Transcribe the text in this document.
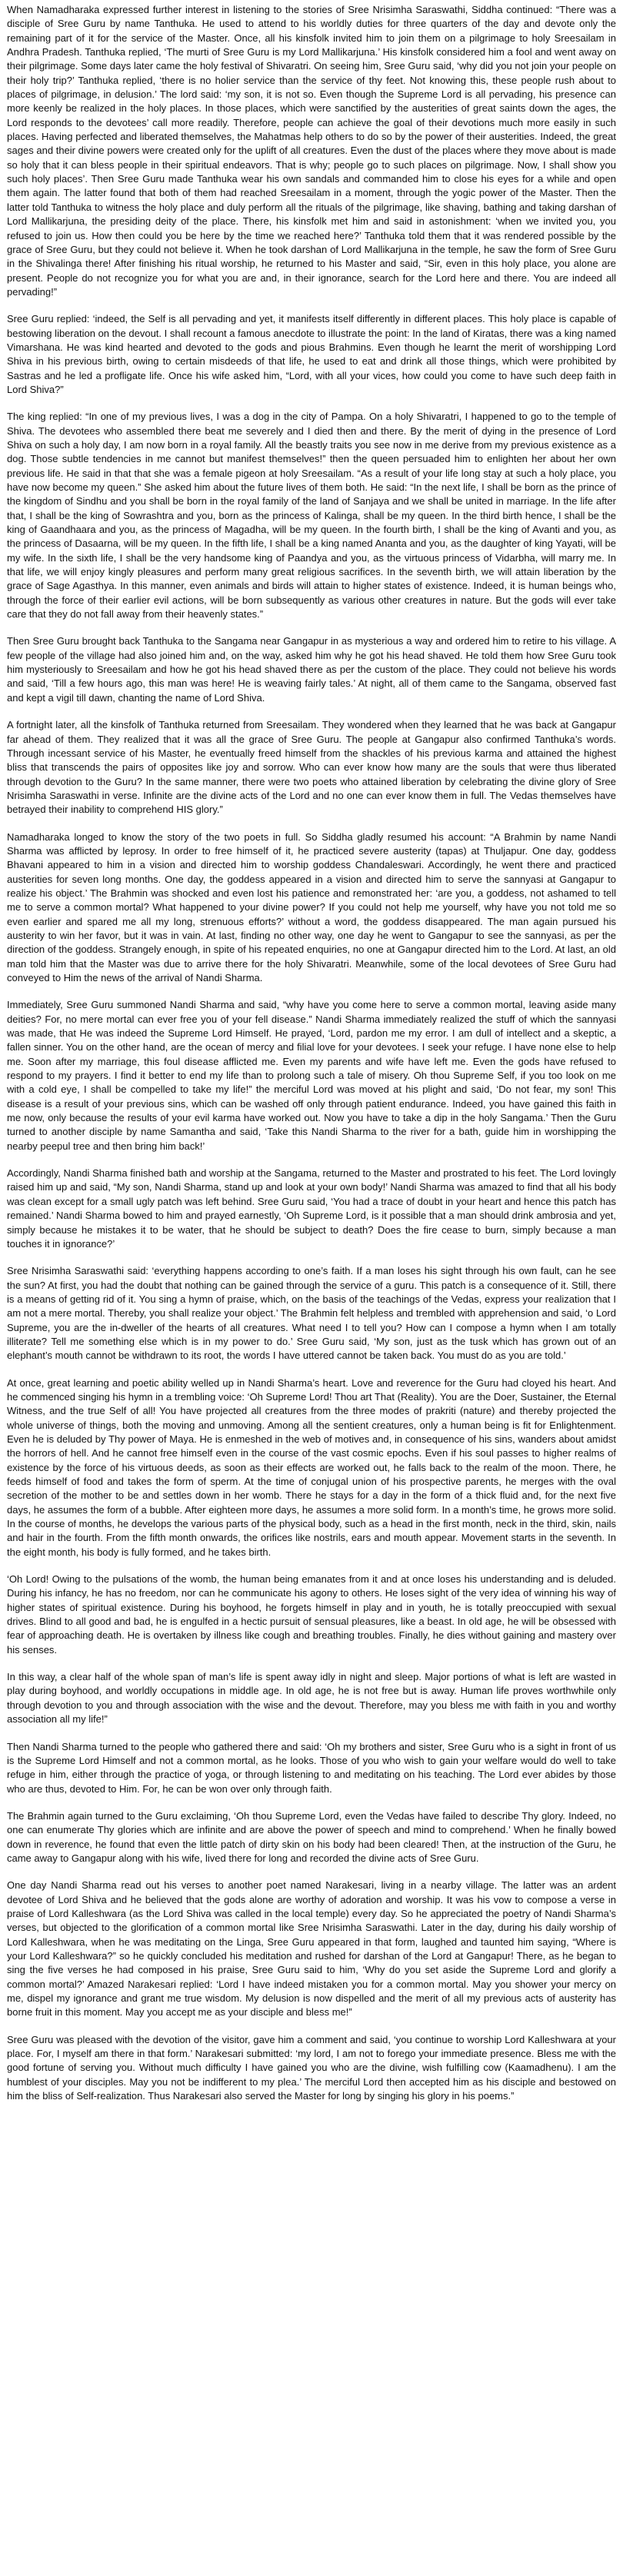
When Namadharaka expressed further interest in listening to the stories of Sree Nrisimha Saraswathi, Siddha continued: “There was a disciple of Sree Guru by name Tanthuka. He used to attend to his worldly duties for three quarters of the day and devote only the remaining part of it for the service of the Master. Once, all his kinsfolk invited him to join them on a pilgrimage to holy Sreesailam in Andhra Pradesh. Tanthuka replied, ‘The murti of Sree Guru is my Lord Mallikarjuna.’ His kinsfolk considered him a fool and went away on their pilgrimage. Some days later came the holy festival of Shivaratri. On seeing him, Sree Guru said, ‘why did you not join your people on their holy trip?’ Tanthuka replied, ‘there is no holier service than the service of thy feet. Not knowing this, these people rush about to places of pilgrimage, in delusion.’ The lord said: ‘my son, it is not so. Even though the Supreme Lord is all pervading, his presence can more keenly be realized in the holy places. In those places, which were sanctified by the austerities of great saints down the ages, the Lord responds to the devotees’ call more readily. Therefore, people can achieve the goal of their devotions much more easily in such places. Having perfected and liberated themselves, the Mahatmas help others to do so by the power of their austerities. Indeed, the great sages and their divine powers were created only for the uplift of all creatures. Even the dust of the places where they move about is made so holy that it can bless people in their spiritual endeavors. That is why; people go to such places on pilgrimage. Now, I shall show you such holy places’. Then Sree Guru made Tanthuka wear his own sandals and commanded him to close his eyes for a while and open them again. The latter found that both of them had reached Sreesailam in a moment, through the yogic power of the Master. Then the latter told Tanthuka to witness the holy place and duly perform all the rituals of the pilgrimage, like shaving, bathing and taking darshan of Lord Mallikarjuna, the presiding deity of the place. There, his kinsfolk met him and said in astonishment: ‘when we invited you, you refused to join us. How then could you be here by the time we reached here?’ Tanthuka told them that it was rendered possible by the grace of Sree Guru, but they could not believe it. When he took darshan of Lord Mallikarjuna in the temple, he saw the form of Sree Guru in the Shivalinga there! After finishing his ritual worship, he returned to his Master and said, “Sir, even in this holy place, you alone are present. People do not recognize you for what you are and, in their ignorance, search for the Lord here and there. You are indeed all pervading!”

Sree Guru replied: ‘indeed, the Self is all pervading and yet, it manifests itself differently in different places. This holy place is capable of bestowing liberation on the devout. I shall recount a famous anecdote to illustrate the point: In the land of Kiratas, there was a king named Vimarshana. He was kind hearted and devoted to the gods and pious Brahmins. Even though he learnt the merit of worshipping Lord Shiva in his previous birth, owing to certain misdeeds of that life, he used to eat and drink all those things, which were prohibited by Sastras and he led a profligate life. Once his wife asked him, “Lord, with all your vices, how could you come to have such deep faith in Lord Shiva?”

The king replied: “In one of my previous lives, I was a dog in the city of Pampa. On a holy Shivaratri, I happened to go to the temple of Shiva. The devotees who assembled there beat me severely and I died then and there. By the merit of dying in the presence of Lord Shiva on such a holy day, I am now born in a royal family. All the beastly traits you see now in me derive from my previous existence as a dog. Those subtle tendencies in me cannot but manifest themselves!” then the queen persuaded him to enlighten her about her own previous life. He said in that that she was a female pigeon at holy Sreesailam. “As a result of your life long stay at such a holy place, you have now become my queen.” She asked him about the future lives of them both. He said: “In the next life, I shall be born as the prince of the kingdom of Sindhu and you shall be born in the royal family of the land of Sanjaya and we shall be united in marriage. In the life after that, I shall be the king of Sowrashtra and you, born as the princess of Kalinga, shall be my queen. In the third birth hence, I shall be the king of Gaandhaara and you, as the princess of Magadha, will be my queen. In the fourth birth, I shall be the king of Avanti and you, as the princess of Dasaarna, will be my queen. In the fifth life, I shall be a king named Ananta and you, as the daughter of king Yayati, will be my wife. In the sixth life, I shall be the very handsome king of Paandya and you, as the virtuous princess of Vidarbha, will marry me. In that life, we will enjoy kingly pleasures and perform many great religious sacrifices. In the seventh birth, we will attain liberation by the grace of Sage Agasthya. In this manner, even animals and birds will attain to higher states of existence. Indeed, it is human beings who, through the force of their earlier evil actions, will be born subsequently as various other creatures in nature. But the gods will ever take care that they do not fall away from their heavenly states.”

Then Sree Guru brought back Tanthuka to the Sangama near Gangapur in as mysterious a way and ordered him to retire to his village. A few people of the village had also joined him and, on the way, asked him why he got his head shaved. He told them how Sree Guru took him mysteriously to Sreesailam and how he got his head shaved there as per the custom of the place. They could not believe his words and said, ‘Till a few hours ago, this man was here! He is weaving fairly tales.’ At night, all of them came to the Sangama, observed fast and kept a vigil till dawn, chanting the name of Lord Shiva.

A fortnight later, all the kinsfolk of Tanthuka returned from Sreesailam. They wondered when they learned that he was back at Gangapur far ahead of them. They realized that it was all the grace of Sree Guru. The people at Gangapur also confirmed Tanthuka’s words. Through incessant service of his Master, he eventually freed himself from the shackles of his previous karma and attained the highest bliss that transcends the pairs of opposites like joy and sorrow. Who can ever know how many are the souls that were thus liberated through devotion to the Guru? In the same manner, there were two poets who attained liberation by celebrating the divine glory of Sree Nrisimha Saraswathi in verse. Infinite are the divine acts of the Lord and no one can ever know them in full. The Vedas themselves have betrayed their inability to comprehend HIS glory.”

Namadharaka longed to know the story of the two poets in full. So Siddha gladly resumed his account: “A Brahmin by name Nandi Sharma was afflicted by leprosy. In order to free himself of it, he practiced severe austerity (tapas) at Thuljapur. One day, goddess Bhavani appeared to him in a vision and directed him to worship goddess Chandaleswari. Accordingly, he went there and practiced austerities for seven long months. One day, the goddess appeared in a vision and directed him to serve the sannyasi at Gangapur to realize his object.’ The Brahmin was shocked and even lost his patience and remonstrated her: ‘are you, a goddess, not ashamed to tell me to serve a common mortal? What happened to your divine power? If you could not help me yourself, why have you not told me so even earlier and spared me all my long, strenuous efforts?’ without a word, the goddess disappeared. The man again pursued his austerity to win her favor, but it was in vain. At last, finding no other way, one day he went to Gangapur to see the sannyasi, as per the direction of the goddess. Strangely enough, in spite of his repeated enquiries, no one at Gangapur directed him to the Lord. At last, an old man told him that the Master was due to arrive there for the holy Shivaratri. Meanwhile, some of the local devotees of Sree Guru had conveyed to Him the news of the arrival of Nandi Sharma.

Immediately, Sree Guru summoned Nandi Sharma and said, “why have you come here to serve a common mortal, leaving aside many deities? For, no mere mortal can ever free you of your fell disease.” Nandi Sharma immediately realized the stuff of which the sannyasi was made, that He was indeed the Supreme Lord Himself. He prayed, ‘Lord, pardon me my error. I am dull of intellect and a skeptic, a fallen sinner. You on the other hand, are the ocean of mercy and filial love for your devotees. I seek your refuge. I have none else to help me. Soon after my marriage, this foul disease afflicted me. Even my parents and wife have left me. Even the gods have refused to respond to my prayers. I find it better to end my life than to prolong such a tale of misery. Oh thou Supreme Self, if you too look on me with a cold eye, I shall be compelled to take my life!” the merciful Lord was moved at his plight and said, ‘Do not fear, my son! This disease is a result of your previous sins, which can be washed off only through patient endurance. Indeed, you have gained this faith in me now, only because the results of your evil karma have worked out. Now you have to take a dip in the holy Sangama.’ Then the Guru turned to another disciple by name Samantha and said, ‘Take this Nandi Sharma to the river for a bath, guide him in worshipping the nearby peepul tree and then bring him back!’

Accordingly, Nandi Sharma finished bath and worship at the Sangama, returned to the Master and prostrated to his feet. The Lord lovingly raised him up and said, “My son, Nandi Sharma, stand up and look at your own body!’ Nandi Sharma was amazed to find that all his body was clean except for a small ugly patch was left behind. Sree Guru said, ‘You had a trace of doubt in your heart and hence this patch has remained.’ Nandi Sharma bowed to him and prayed earnestly, ‘Oh Supreme Lord, is it possible that a man should drink ambrosia and yet, simply because he mistakes it to be water, that he should be subject to death? Does the fire cease to burn, simply because a man touches it in ignorance?’

Sree Nrisimha Saraswathi said: ‘everything happens according to one’s faith. If a man loses his sight through his own fault, can he see the sun? At first, you had the doubt that nothing can be gained through the service of a guru. This patch is a consequence of it. Still, there is a means of getting rid of it. You sing a hymn of praise, which, on the basis of the teachings of the Vedas, express your realization that I am not a mere mortal. Thereby, you shall realize your object.’ The Brahmin felt helpless and trembled with apprehension and said, ‘o Lord Supreme, you are the in-dweller of the hearts of all creatures. What need I to tell you? How can I compose a hymn when I am totally illiterate? Tell me something else which is in my power to do.’ Sree Guru said, ‘My son, just as the tusk which has grown out of an elephant’s mouth cannot be withdrawn to its root, the words I have uttered cannot be taken back. You must do as you are told.’

At once, great learning and poetic ability welled up in Nandi Sharma’s heart. Love and reverence for the Guru had cloyed his heart. And he commenced singing his hymn in a trembling voice: ‘Oh Supreme Lord! Thou art That (Reality). You are the Doer, Sustainer, the Eternal Witness, and the true Self of all! You have projected all creatures from the three modes of prakriti (nature) and thereby projected the whole universe of things, both the moving and unmoving. Among all the sentient creatures, only a human being is fit for Enlightenment. Even he is deluded by Thy power of Maya. He is enmeshed in the web of motives and, in consequence of his sins, wanders about amidst the horrors of hell. And he cannot free himself even in the course of the vast cosmic epochs. Even if his soul passes to higher realms of existence by the force of his virtuous deeds, as soon as their effects are worked out, he falls back to the realm of the moon. There, he feeds himself of food and takes the form of sperm. At the time of conjugal union of his prospective parents, he merges with the oval secretion of the mother to be and settles down in her womb. There he stays for a day in the form of a thick fluid and, for the next five days, he assumes the form of a bubble. After eighteen more days, he assumes a more solid form. In a month’s time, he grows more solid. In the course of months, he develops the various parts of the physical body, such as a head in the first month, neck in the third, skin, nails and hair in the fourth. From the fifth month onwards, the orifices like nostrils, ears and mouth appear. Movement starts in the seventh. In the eight month, his body is fully formed, and he takes birth.

‘Oh Lord! Owing to the pulsations of the womb, the human being emanates from it and at once loses his understanding and is deluded. During his infancy, he has no freedom, nor can he communicate his agony to others. He loses sight of the very idea of winning his way of higher states of spiritual existence. During his boyhood, he forgets himself in play and in youth, he is totally preoccupied with sexual drives. Blind to all good and bad, he is engulfed in a hectic pursuit of sensual pleasures, like a beast. In old age, he will be obsessed with fear of approaching death. He is overtaken by illness like cough and breathing troubles. Finally, he dies without gaining and mastery over his senses.

In this way, a clear half of the whole span of man’s life is spent away idly in night and sleep. Major portions of what is left are wasted in play during boyhood, and worldly occupations in middle age. In old age, he is not free but is away. Human life proves worthwhile only through devotion to you and through association with the wise and the devout. Therefore, may you bless me with faith in you and worthy association all my life!”

Then Nandi Sharma turned to the people who gathered there and said: ‘Oh my brothers and sister, Sree Guru who is a sight in front of us is the Supreme Lord Himself and not a common mortal, as he looks. Those of you who wish to gain your welfare would do well to take refuge in him, either through the practice of yoga, or through listening to and meditating on his teaching. The Lord ever abides by those who are thus, devoted to Him. For, he can be won over only through faith.

The Brahmin again turned to the Guru exclaiming, ‘Oh thou Supreme Lord, even the Vedas have failed to describe Thy glory. Indeed, no one can enumerate Thy glories which are infinite and are above the power of speech and mind to comprehend.’ When he finally bowed down in reverence, he found that even the little patch of dirty skin on his body had been cleared! Then, at the instruction of the Guru, he came away to Gangapur along with his wife, lived there for long and recorded the divine acts of Sree Guru.

One day Nandi Sharma read out his verses to another poet named Narakesari, living in a nearby village. The latter was an ardent devotee of Lord Shiva and he believed that the gods alone are worthy of adoration and worship. It was his vow to compose a verse in praise of Lord Kalleshwara (as the Lord Shiva was called in the local temple) every day. So he appreciated the poetry of Nandi Sharma’s verses, but objected to the glorification of a common mortal like Sree Nrisimha Saraswathi. Later in the day, during his daily worship of Lord Kalleshwara, when he was meditating on the Linga, Sree Guru appeared in that form, laughed and taunted him saying, “Where is your Lord Kalleshwara?” so he quickly concluded his meditation and rushed for darshan of the Lord at Gangapur! There, as he began to sing the five verses he had composed in his praise, Sree Guru said to him, ‘Why do you set aside the Supreme Lord and glorify a common mortal?’ Amazed Narakesari replied: ‘Lord I have indeed mistaken you for a common mortal. May you shower your mercy on me, dispel my ignorance and grant me true wisdom. My delusion is now dispelled and the merit of all my previous acts of austerity has borne fruit in this moment. May you accept me as your disciple and bless me!”

Sree Guru was pleased with the devotion of the visitor, gave him a comment and said, ‘you continue to worship Lord Kalleshwara at your place. For, I myself am there in that form.’ Narakesari submitted: ‘my lord, I am not to forego your immediate presence. Bless me with the good fortune of serving you. Without much difficulty I have gained you who are the divine, wish fulfilling cow (Kaamadhenu). I am the humblest of your disciples. May you not be indifferent to my plea.’ The merciful Lord then accepted him as his disciple and bestowed on him the bliss of Self-realization. Thus Narakesari also served the Master for long by singing his glory in his poems.”
